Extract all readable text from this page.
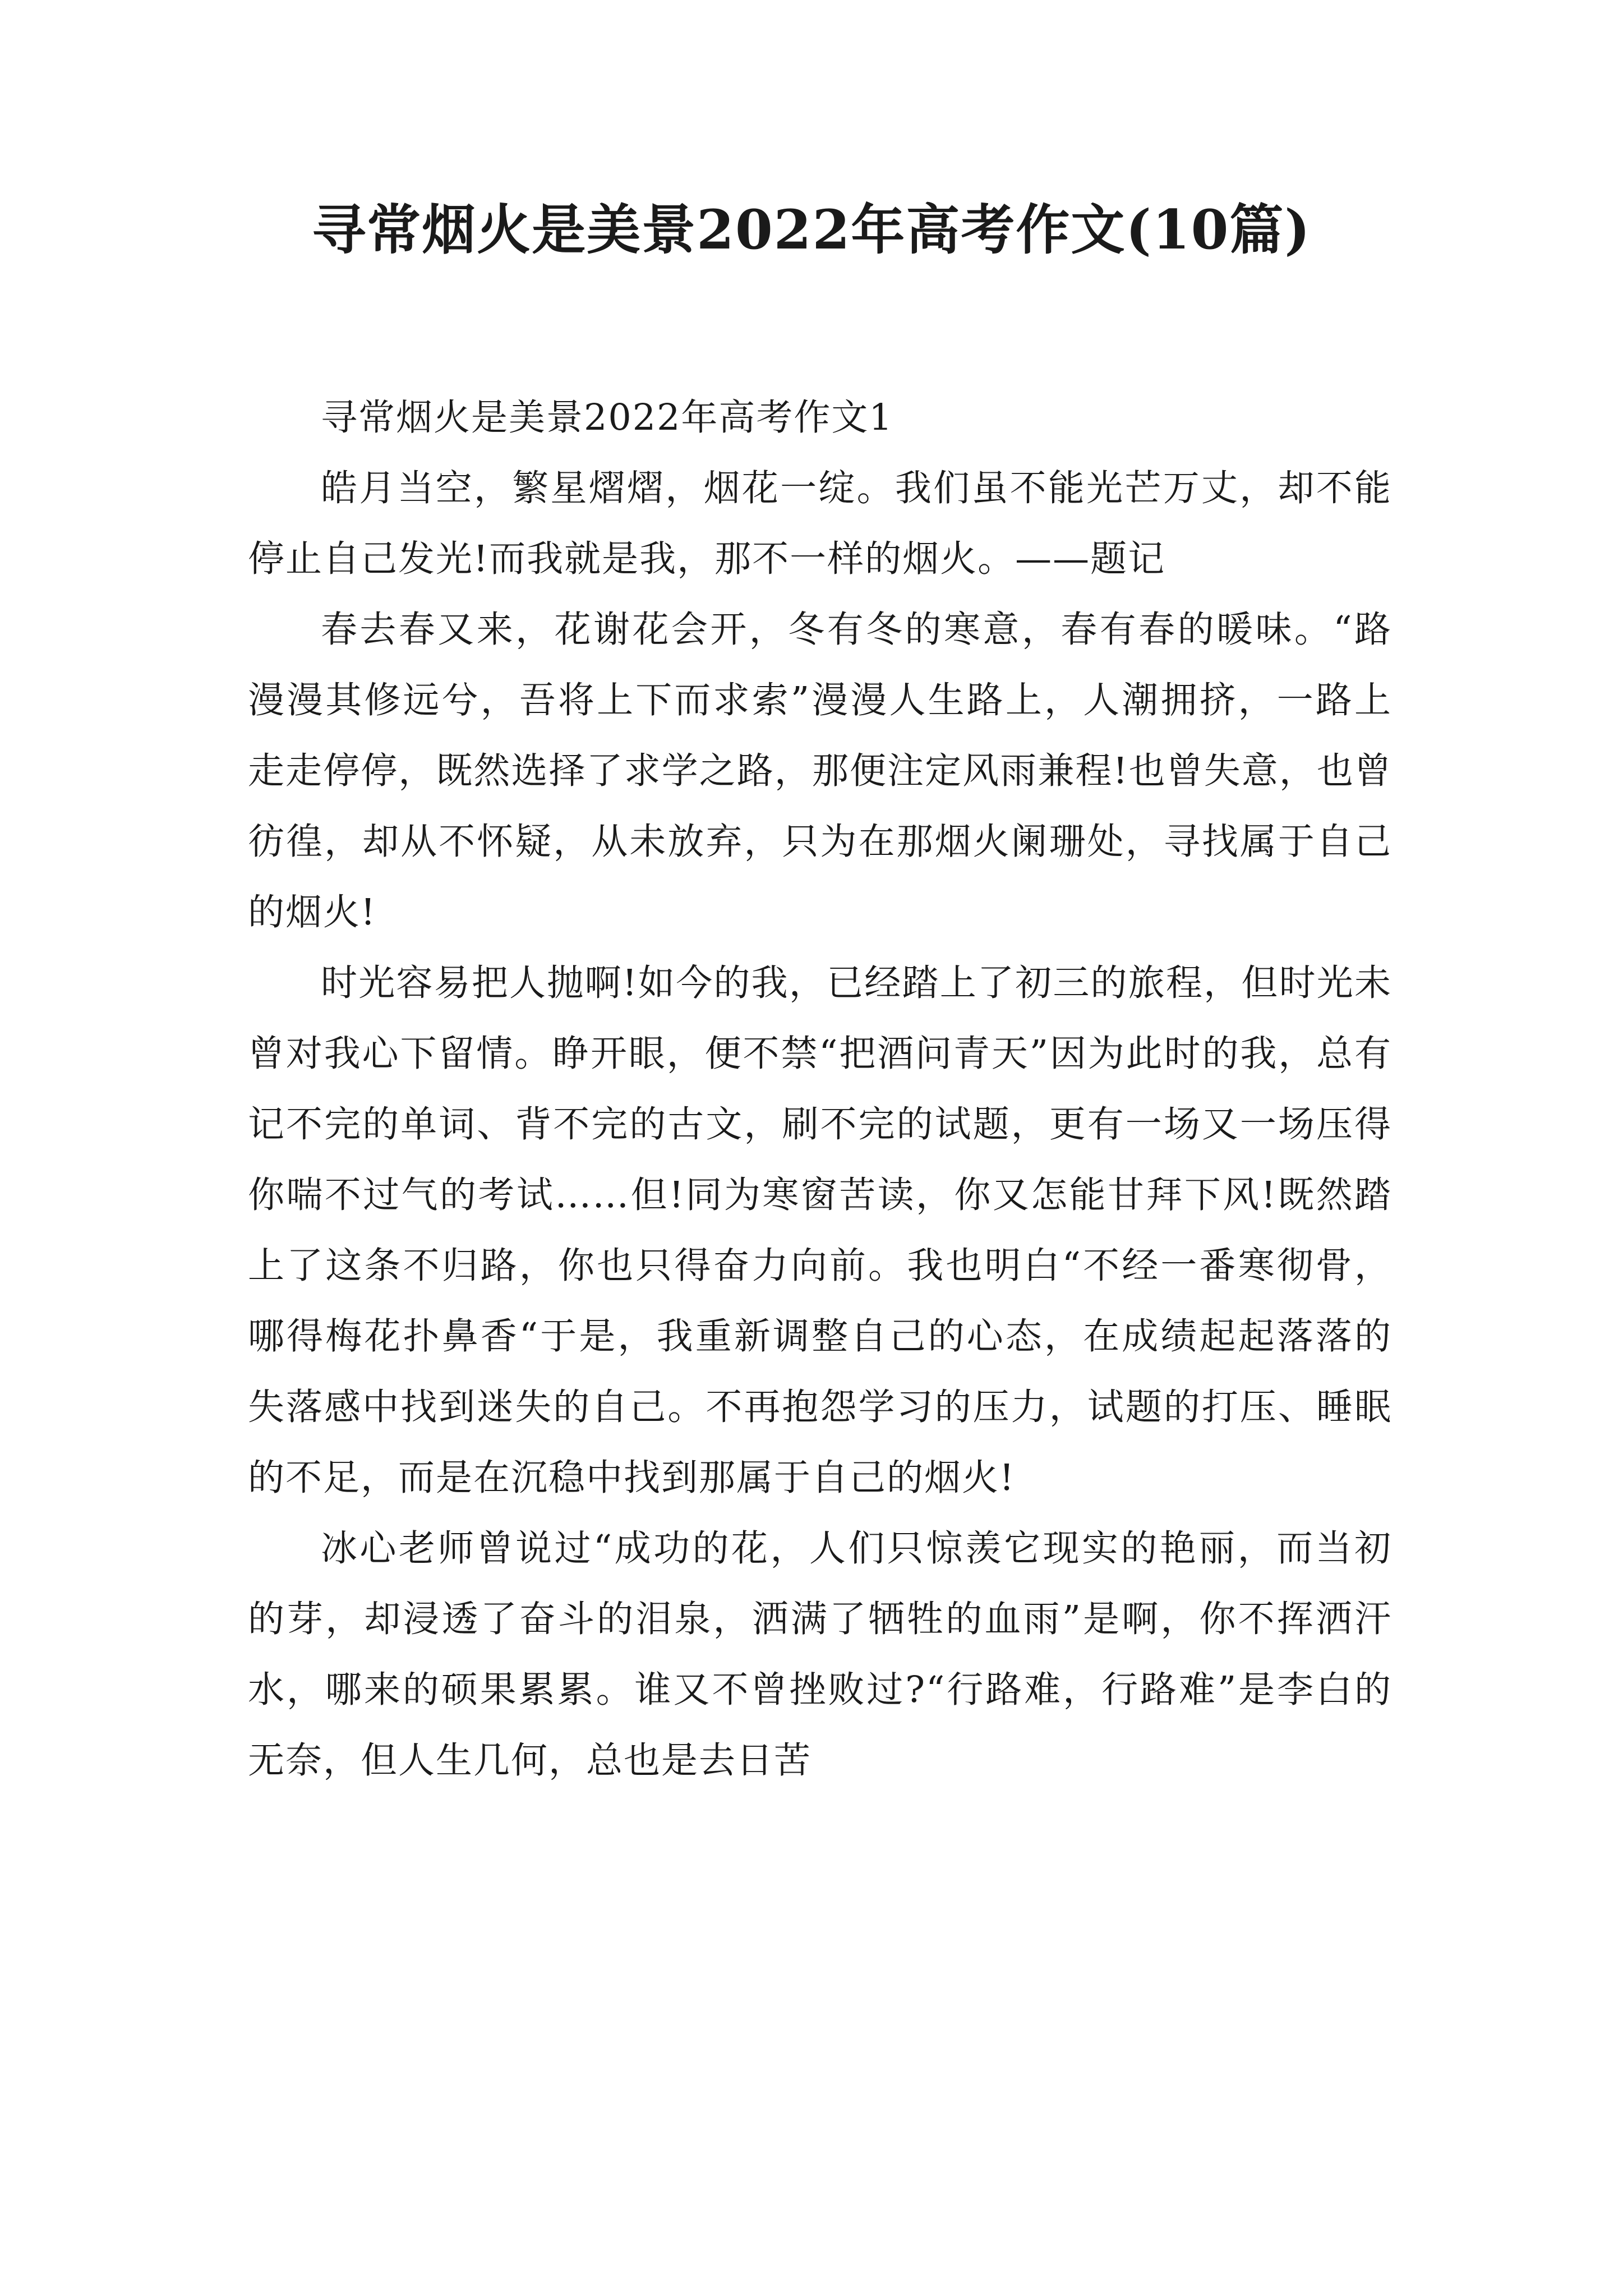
寻常烟火是美景2022年高考作文(10篇)

寻常烟火是美景2022年高考作文1

皓月当空，繁星熠熠，烟花一绽。我们虽不能光芒万丈，却不能停止自己发光!而我就是我，那不一样的烟火。——题记

春去春又来，花谢花会开，冬有冬的寒意，春有春的暖味。“路漫漫其修远兮，吾将上下而求索”漫漫人生路上，人潮拥挤，一路上走走停停，既然选择了求学之路，那便注定风雨兼程!也曾失意，也曾彷徨，却从不怀疑，从未放弃，只为在那烟火阑珊处，寻找属于自己的烟火!

时光容易把人抛啊!如今的我，已经踏上了初三的旅程，但时光未曾对我心下留情。睁开眼，便不禁“把酒问青天”因为此时的我，总有记不完的单词、背不完的古文，刷不完的试题，更有一场又一场压得你喘不过气的考试……但!同为寒窗苦读，你又怎能甘拜下风!既然踏上了这条不归路，你也只得奋力向前。我也明白“不经一番寒彻骨，哪得梅花扑鼻香“于是，我重新调整自己的心态，在成绩起起落落的失落感中找到迷失的自己。不再抱怨学习的压力，试题的打压、睡眠的不足，而是在沉稳中找到那属于自己的烟火!

冰心老师曾说过“成功的花，人们只惊羡它现实的艳丽，而当初的芽，却浸透了奋斗的泪泉，洒满了牺牲的血雨”是啊，你不挥洒汗水，哪来的硕果累累。谁又不曾挫败过?“行路难，行路难”是李白的无奈，但人生几何，总也是去日苦
